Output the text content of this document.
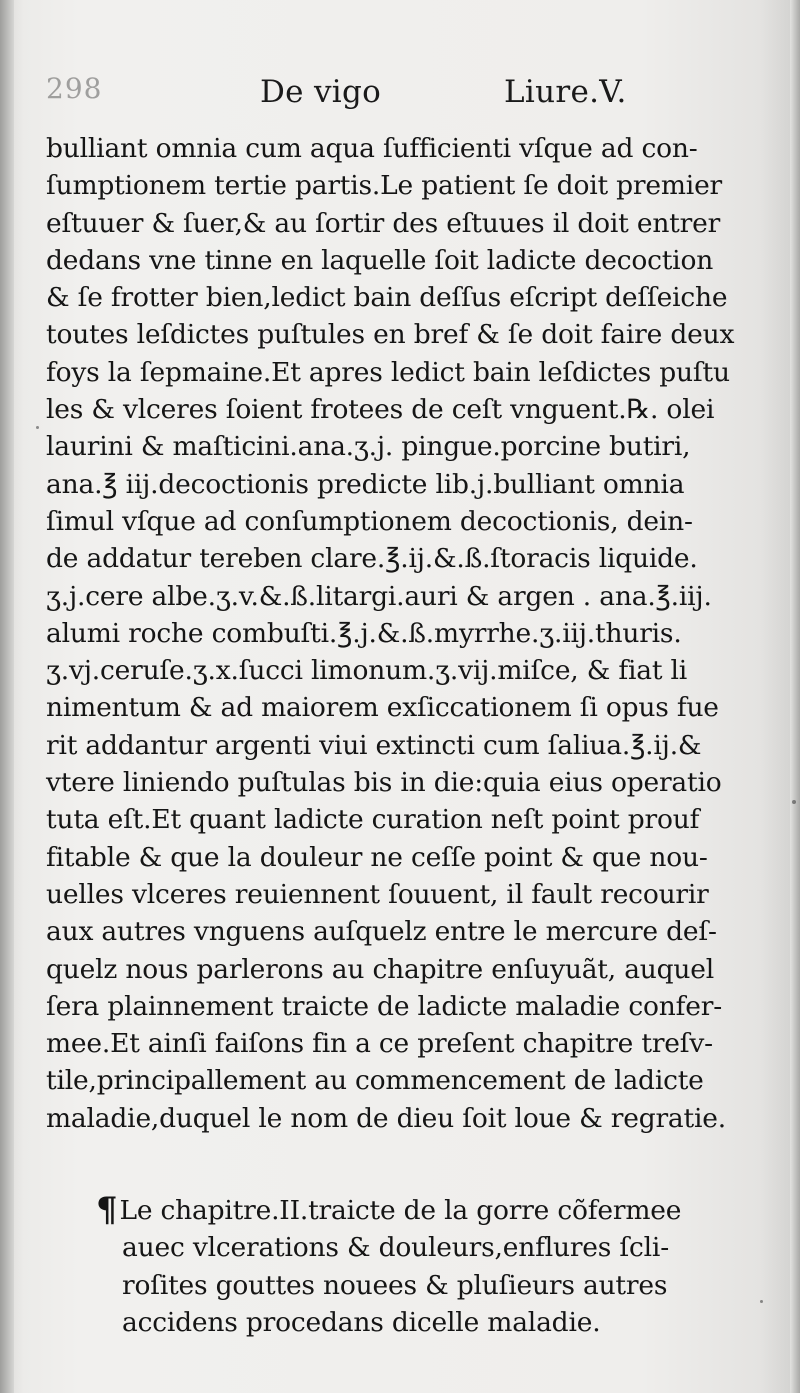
298	De vigo	Liure.V.
bulliant omnia cum aqua ſufficienti vſque ad con-
ſumptionem tertie partis.Le patient ſe doit premier
eſtuuer & ſuer,& au ſortir des eſtuues il doit entrer
dedans vne tinne en laquelle ſoit ladicte decoction
& ſe frotter bien,ledict bain deſſus eſcript deſſeiche
toutes leſdictes puſtules en bref & ſe doit faire deux
foys la ſepmaine.Et apres ledict bain leſdictes puſtu
les & vlceres ſoient frotees de ceſt vnguent.℞. olei
laurini & maſticini.ana.ʒ.j. pingue.porcine butiri,
ana.℥ iij.decoctionis predicte lib.j.bulliant omnia
ſimul vſque ad conſumptionem decoctionis, dein-
de addatur tereben clare.℥.ij.&.ß.ſtoracis liquide.
ʒ.j.cere albe.ʒ.v.&.ß.litargi.auri & argen . ana.℥.iij.
alumi roche combuſti.℥.j.&.ß.myrrhe.ʒ.iij.thuris.
ʒ.vj.ceruſe.ʒ.x.ſucci limonum.ʒ.vij.miſce, & fiat li
nimentum & ad maiorem exſiccationem ſi opus fue
rit addantur argenti viui extincti cum ſaliua.℥.ij.&
vtere liniendo puſtulas bis in die:quia eius operatio
tuta eſt.Et quant ladicte curation neſt point prouf
fitable & que la douleur ne ceſſe point & que nou-
uelles vlceres reuiennent ſouuent, il fault recourir
aux autres vnguens auſquelz entre le mercure deſ-
quelz nous parlerons au chapitre enſuyuãt, auquel
ſera plainnement traicte de ladicte maladie confer-
mee.Et ainſi faiſons fin a ce preſent chapitre treſv-
tile,principallement au commencement de ladicte
maladie,duquel le nom de dieu ſoit loue & regratie.
¶Le chapitre.II.traicte de la gorre cõfermee
auec vlcerations & douleurs,enflures ſcli-
roſites gouttes nouees & pluſieurs autres
accidens procedans dicelle maladie.
